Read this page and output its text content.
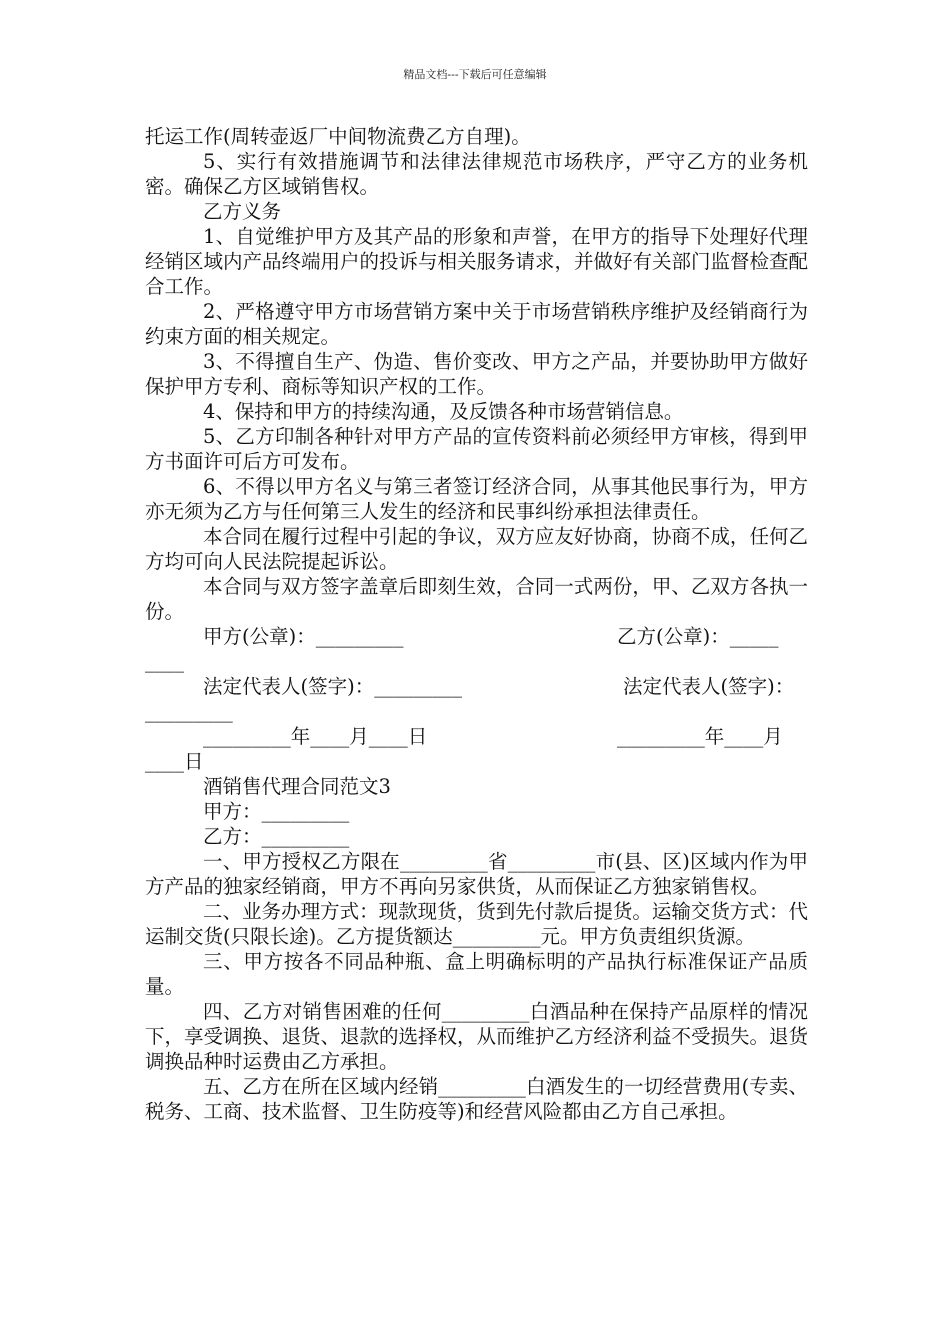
精品文档---下载后可任意编辑

托运工作(周转壶返厂中间物流费乙方自理)。

5、实行有效措施调节和法律法律规范市场秩序，严守乙方的业务机密。确保乙方区域销售权。

乙方义务

1、自觉维护甲方及其产品的形象和声誉，在甲方的指导下处理好代理经销区域内产品终端用户的投诉与相关服务请求，并做好有关部门监督检查配合工作。

2、严格遵守甲方市场营销方案中关于市场营销秩序维护及经销商行为约束方面的相关规定。

3、不得擅自生产、伪造、售价变改、甲方之产品，并要协助甲方做好保护甲方专利、商标等知识产权的工作。

4、保持和甲方的持续沟通，及反馈各种市场营销信息。

5、乙方印制各种针对甲方产品的宣传资料前必须经甲方审核，得到甲方书面许可后方可发布。

6、不得以甲方名义与第三者签订经济合同，从事其他民事行为，甲方亦无须为乙方与任何第三人发生的经济和民事纠纷承担法律责任。

本合同在履行过程中引起的争议，双方应友好协商，协商不成，任何乙方均可向人民法院提起诉讼。

本合同与双方签字盖章后即刻生效，合同一式两份，甲、乙双方各执一份。

甲方(公章)：_________	乙方(公章)：_____
____
法定代表人(签字)：_________	法定代表人(签字)：
_________
_________年____月____日	_________年____月
____日

酒销售代理合同范文3

甲方：_________

乙方：_________

一、甲方授权乙方限在_________省_________市(县、区)区域内作为甲方产品的独家经销商，甲方不再向另家供货，从而保证乙方独家销售权。

二、业务办理方式：现款现货，货到先付款后提货。运输交货方式：代运制交货(只限长途)。乙方提货额达_________元。甲方负责组织货源。

三、甲方按各不同品种瓶、盒上明确标明的产品执行标准保证产品质量。

四、乙方对销售困难的任何_________白酒品种在保持产品原样的情况下，享受调换、退货、退款的选择权，从而维护乙方经济利益不受损失。退货调换品种时运费由乙方承担。

五、乙方在所在区域内经销_________白酒发生的一切经营费用(专卖、税务、工商、技术监督、卫生防疫等)和经营风险都由乙方自己承担。
